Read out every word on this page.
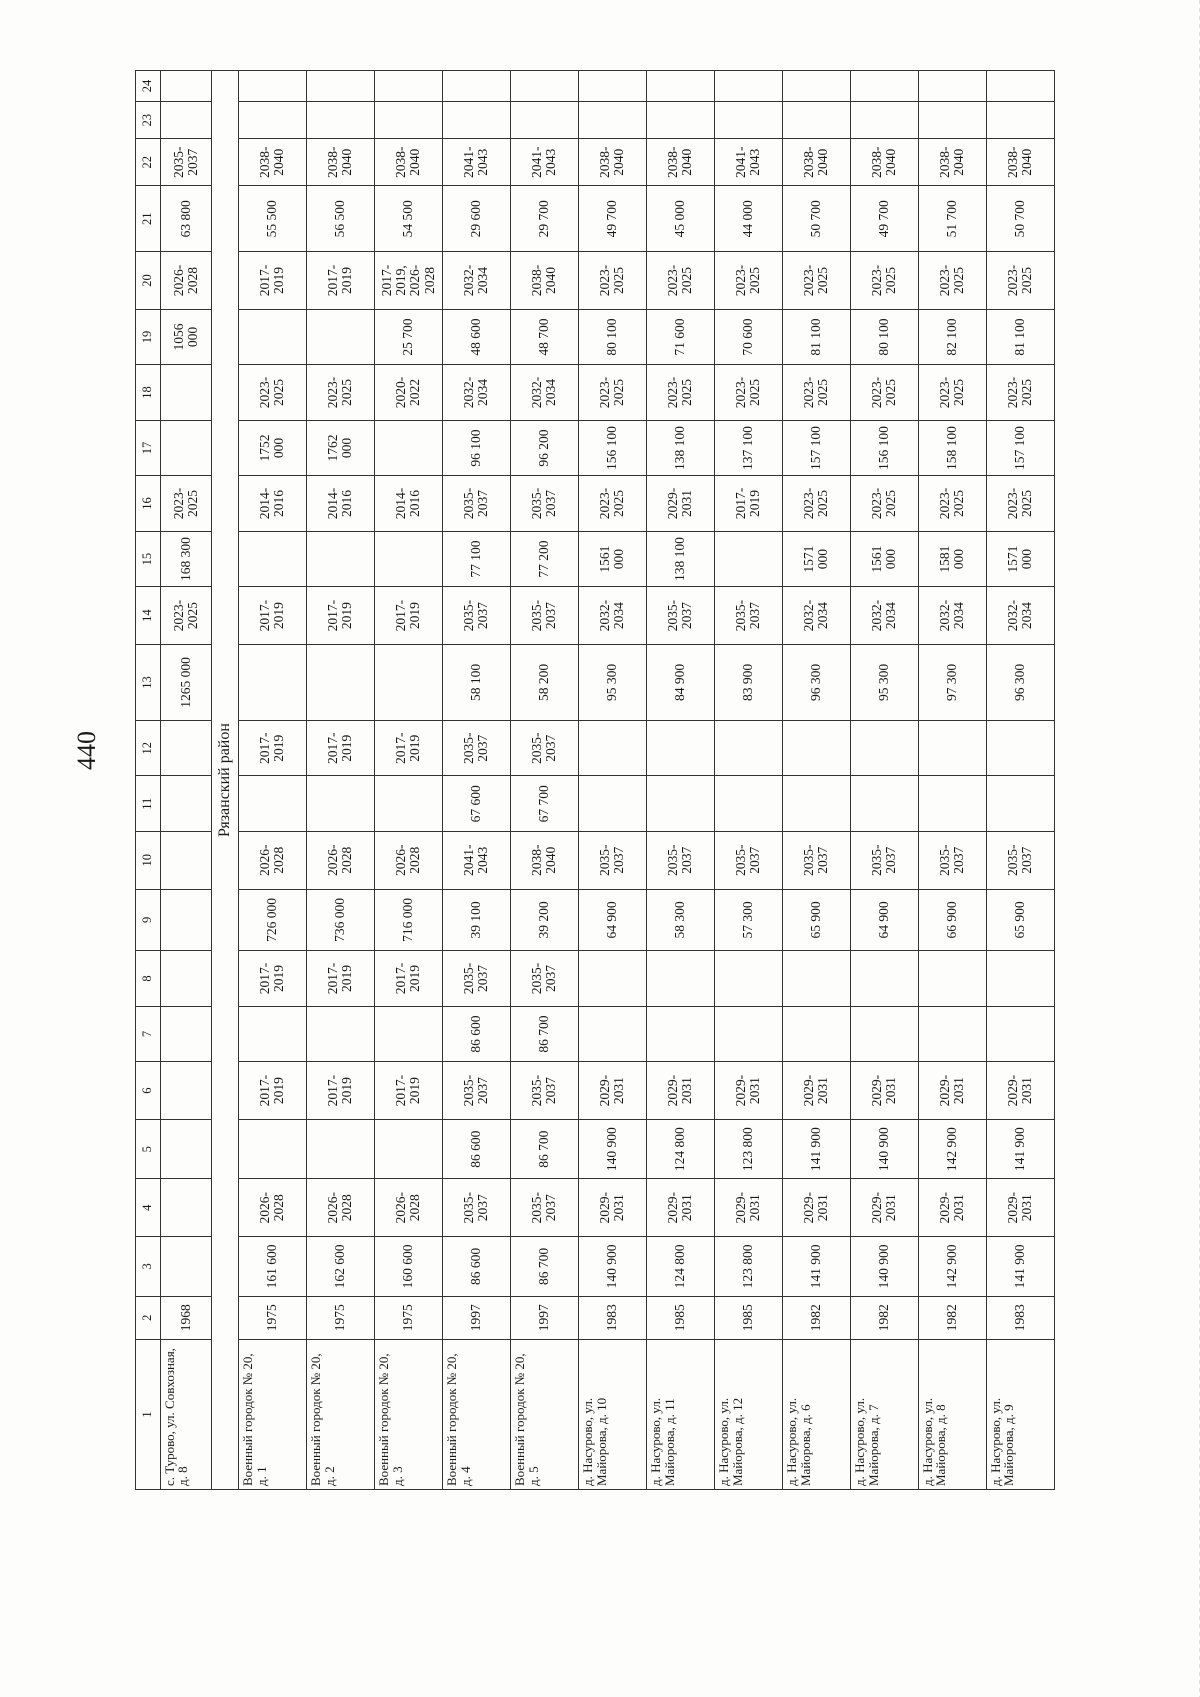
440
1	2	3	4	5	6	7	8	9	10	11	12	13	14	15	16	17	18	19	20	21	22	23	24
с. Турово, ул. Совхозная, д. 8	1968											1265 000	2023-2025	168 300	2023-2025			1056 000	2026-2028	63 800	2035-2037		
Рязанский район																							
Военный городок № 20, д. 1	1975	161 600	2026-2028		2017-2019		2017-2019	726 000	2026-2028		2017-2019		2017-2019		2014-2016	1752 000	2023-2025		2017-2019	55 500	2038-2040		
Военный городок № 20, д. 2	1975	162 600	2026-2028		2017-2019		2017-2019	736 000	2026-2028		2017-2019		2017-2019		2014-2016	1762 000	2023-2025		2017-2019	56 500	2038-2040		
Военный городок № 20, д. 3	1975	160 600	2026-2028		2017-2019		2017-2019	716 000	2026-2028		2017-2019		2017-2019		2014-2016		2020-2022	25 700	2017-2019, 2026-2028	54 500	2038-2040		
Военный городок № 20, д. 4	1997	86 600	2035-2037	86 600	2035-2037	86 600	2035-2037	39 100	2041-2043	67 600	2035-2037	58 100	2035-2037	77 100	2035-2037	96 100	2032-2034	48 600	2032-2034	29 600	2041-2043		
Военный городок № 20, д. 5	1997	86 700	2035-2037	86 700	2035-2037	86 700	2035-2037	39 200	2038-2040	67 700	2035-2037	58 200	2035-2037	77 200	2035-2037	96 200	2032-2034	48 700	2038-2040	29 700	2041-2043		
д. Насурово, ул. Майорова, д. 10	1983	140 900	2029-2031	140 900	2029-2031			64 900	2035-2037			95 300	2032-2034	1561 000	2023-2025	156 100	2023-2025	80 100	2023-2025	49 700	2038-2040		
д. Насурово, ул. Майорова, д. 11	1985	124 800	2029-2031	124 800	2029-2031			58 300	2035-2037			84 900	2035-2037	138 100	2029-2031	138 100	2023-2025	71 600	2023-2025	45 000	2038-2040		
д. Насурово, ул. Майорова, д. 12	1985	123 800	2029-2031	123 800	2029-2031			57 300	2035-2037			83 900	2035-2037		2017-2019	137 100	2023-2025	70 600	2023-2025	44 000	2041-2043		
д. Насурово, ул. Майорова, д. 6	1982	141 900	2029-2031	141 900	2029-2031			65 900	2035-2037			96 300	2032-2034	1571 000	2023-2025	157 100	2023-2025	81 100	2023-2025	50 700	2038-2040		
д. Насурово, ул. Майорова, д. 7	1982	140 900	2029-2031	140 900	2029-2031			64 900	2035-2037			95 300	2032-2034	1561 000	2023-2025	156 100	2023-2025	80 100	2023-2025	49 700	2038-2040		
д. Насурово, ул. Майорова, д. 8	1982	142 900	2029-2031	142 900	2029-2031			66 900	2035-2037			97 300	2032-2034	1581 000	2023-2025	158 100	2023-2025	82 100	2023-2025	51 700	2038-2040		
д. Насурово, ул. Майорова, д. 9	1983	141 900	2029-2031	141 900	2029-2031			65 900	2035-2037			96 300	2032-2034	1571 000	2023-2025	157 100	2023-2025	81 100	2023-2025	50 700	2038-2040		
